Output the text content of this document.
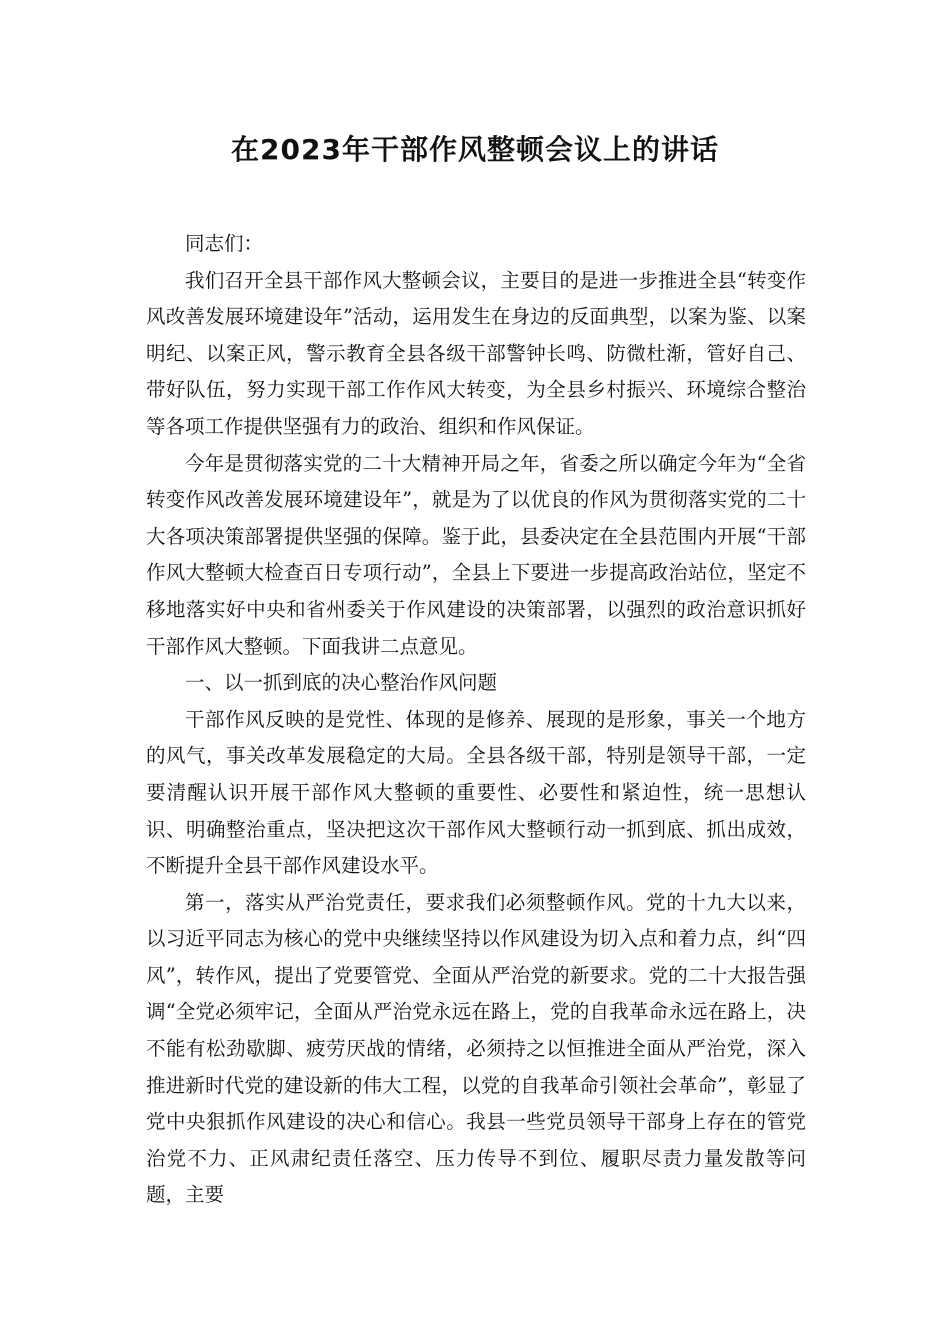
在2023年干部作风整顿会议上的讲话

同志们：

我们召开全县干部作风大整顿会议，主要目的是进一步推进全县“转变作风改善发展环境建设年”活动，运用发生在身边的反面典型，以案为鉴、以案明纪、以案正风，警示教育全县各级干部警钟长鸣、防微杜渐，管好自己、带好队伍，努力实现干部工作作风大转变，为全县乡村振兴、环境综合整治等各项工作提供坚强有力的政治、组织和作风保证。

今年是贯彻落实党的二十大精神开局之年，省委之所以确定今年为“全省转变作风改善发展环境建设年”，就是为了以优良的作风为贯彻落实党的二十大各项决策部署提供坚强的保障。鉴于此，县委决定在全县范围内开展“干部作风大整顿大检查百日专项行动”，全县上下要进一步提高政治站位，坚定不移地落实好中央和省州委关于作风建设的决策部署，以强烈的政治意识抓好干部作风大整顿。下面我讲二点意见。

一、以一抓到底的决心整治作风问题

干部作风反映的是党性、体现的是修养、展现的是形象，事关一个地方的风气，事关改革发展稳定的大局。全县各级干部，特别是领导干部，一定要清醒认识开展干部作风大整顿的重要性、必要性和紧迫性，统一思想认识、明确整治重点，坚决把这次干部作风大整顿行动一抓到底、抓出成效，不断提升全县干部作风建设水平。

第一，落实从严治党责任，要求我们必须整顿作风。党的十九大以来，以习近平同志为核心的党中央继续坚持以作风建设为切入点和着力点，纠“四风”，转作风，提出了党要管党、全面从严治党的新要求。党的二十大报告强调“全党必须牢记，全面从严治党永远在路上，党的自我革命永远在路上，决不能有松劲歇脚、疲劳厌战的情绪，必须持之以恒推进全面从严治党，深入推进新时代党的建设新的伟大工程，以党的自我革命引领社会革命”，彰显了党中央狠抓作风建设的决心和信心。我县一些党员领导干部身上存在的管党治党不力、正风肃纪责任落空、压力传导不到位、履职尽责力量发散等问题，主要
